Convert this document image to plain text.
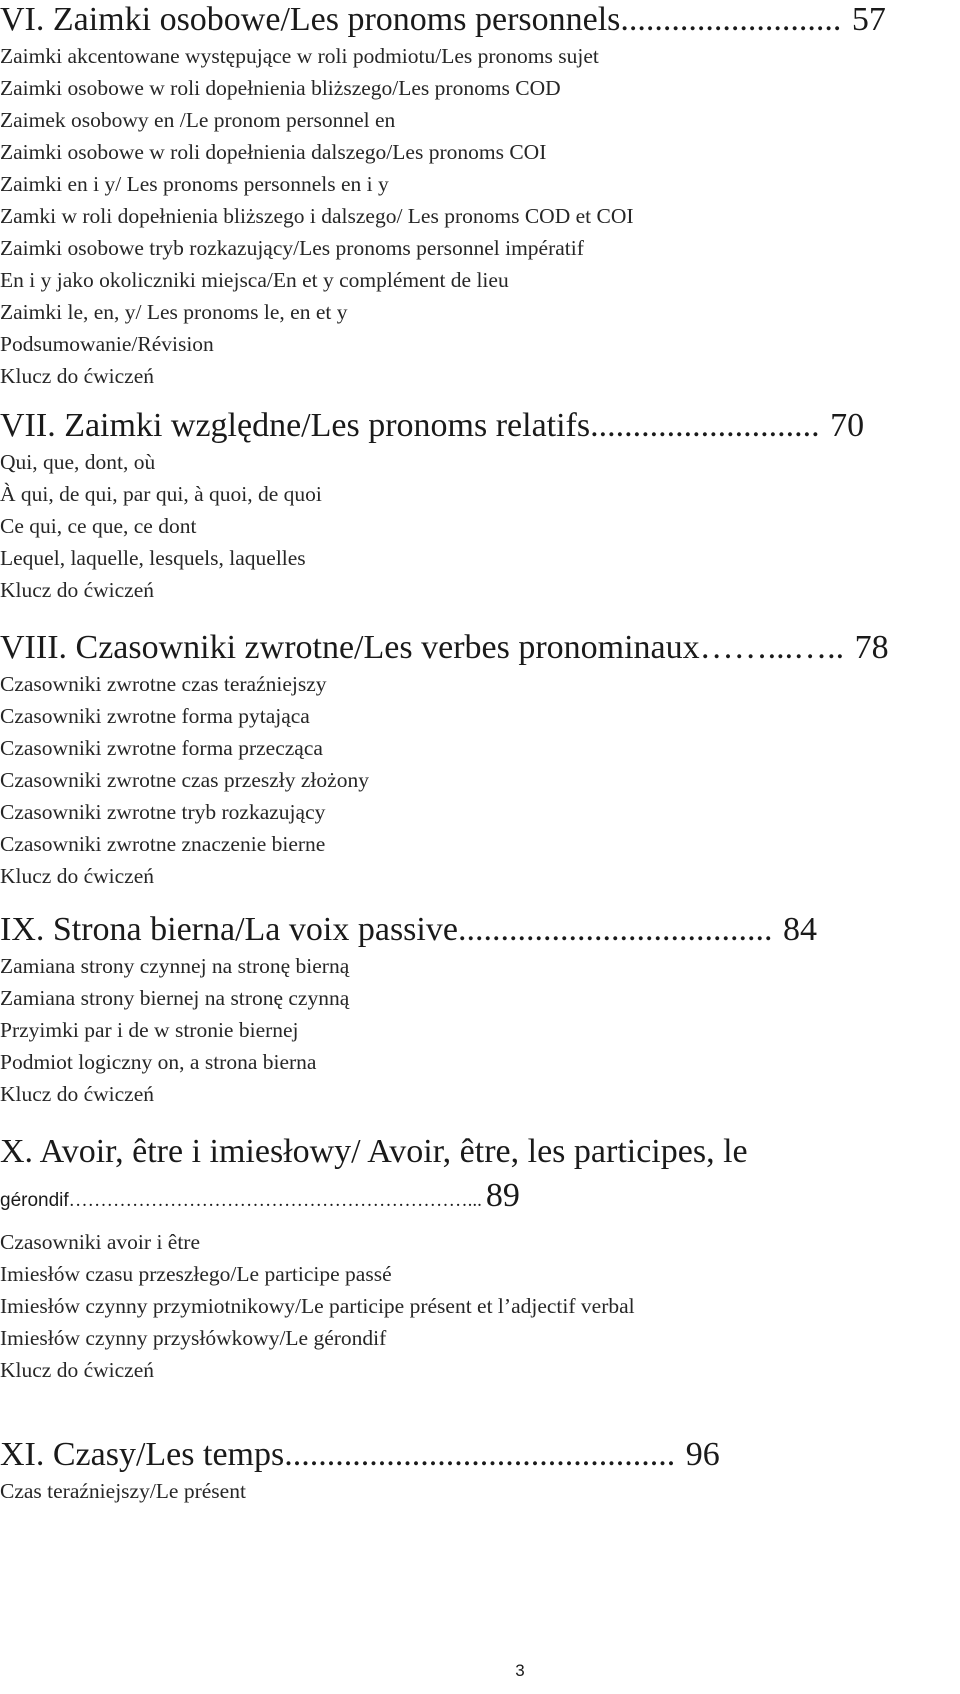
VI. Zaimki osobowe/Les pronoms personnels.......................... 57

Zaimki akcentowane występujące w roli podmiotu/Les pronoms sujet

Zaimki osobowe w roli dopełnienia bliższego/Les pronoms COD

Zaimek osobowy en /Le pronom personnel en

Zaimki osobowe w roli dopełnienia dalszego/Les pronoms COI

Zaimki en i y/ Les pronoms personnels en i y

Zamki w roli dopełnienia bliższego i dalszego/ Les pronoms COD et COI

Zaimki osobowe tryb rozkazujący/Les pronoms personnel impératif

En i y jako okoliczniki miejsca/En et y complément de lieu

Zaimki le, en, y/ Les pronoms le, en et y

Podsumowanie/Révision

Klucz do ćwiczeń

VII. Zaimki względne/Les pronoms relatifs........................... 70

Qui, que, dont, où

À qui, de qui, par qui, à quoi, de quoi

Ce qui, ce que, ce dont

Lequel, laquelle, lesquels, laquelles

Klucz do ćwiczeń

VIII. Czasowniki zwrotne/Les verbes pronominaux……...….. 78

Czasowniki zwrotne czas teraźniejszy

Czasowniki zwrotne forma pytająca

Czasowniki zwrotne forma przecząca

Czasowniki zwrotne czas przeszły złożony

Czasowniki zwrotne tryb rozkazujący

Czasowniki zwrotne znaczenie bierne

Klucz do ćwiczeń

IX. Strona bierna/La voix passive..................................... 84

Zamiana strony czynnej na stronę bierną

Zamiana strony biernej na stronę czynną

Przyimki par i de w stronie biernej

Podmiot logiczny on, a strona bierna

Klucz do ćwiczeń

X. Avoir, être i imiesłowy/ Avoir, être, les participes, le
gérondif………………………………………………………... 89

Czasowniki avoir i être

Imiesłów czasu przeszłego/Le participe passé

Imiesłów czynny przymiotnikowy/Le participe présent et l’adjectif verbal

Imiesłów czynny przysłówkowy/Le gérondif

Klucz do ćwiczeń

XI. Czasy/Les temps.............................................. 96

Czas teraźniejszy/Le présent

3
